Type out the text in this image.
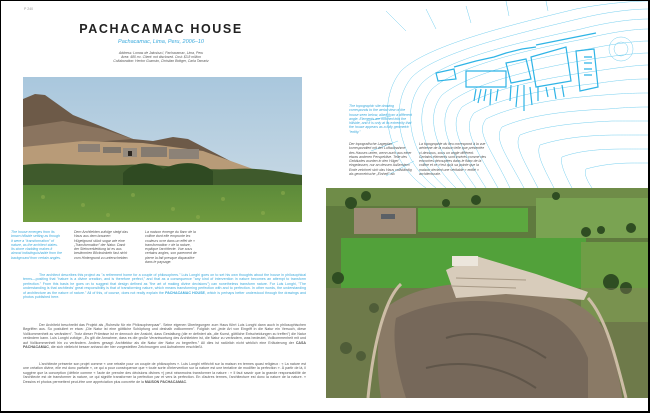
P 240
PACHACAMAC HOUSE
Pachacamac, Lima, Peru, 2006–10
Address: Lomas de Jatosisa I, Pachacamac, Lima, Peru
Area: 480 m². Client: not disclosed. Cost: $3.8 million
Collaboration: Hector Guzmán, Christian Bottger, Carla Tamariz
The house emerges from its brown hillside setting as though it were a "transformation" of nature, as the architect states. Its stone cladding makes it almost indistinguishable from the background from certain angles.
Dem Architekten zufolge steigt das Haus aus dem braunen Hügelgrund stück sogar wie eine „Transformation" der Natur. Dank der Steinverkleidung ist es aus bestimmten Blickwinkeln fast nicht vom Hintergrund zu unterscheiden.
La maison émerge du flanc de la colline dont elle emprunte les couleurs ocre dans un effet de « transformation » de la nature, explique l'architecte. Vue sous certains angles, son parement de pierre la fait presque disparaître dans le paysage.
The architect describes this project as "a retirement home for a couple of philosophers." Luis Longhi goes on to set his own thoughts about the house in philosophical terms—positing that "nature is a divine creation, and is therefore perfect," and that as a consequence "any kind of intervention in nature becomes an attempt to transform perfection." From this basis he goes on to suggest that design defined as "the art of making divine decisions") can nonetheless transform nature. For Luis Longhi, "The understanding is that architects' great responsibility is that of transforming nature, which means transforming perfection with and to perfection. In other words, the understanding of architecture as the nature of nature." All of this, of course, does not really explain the PACHACAMAC HOUSE, which is perhaps better understood through the drawings and photos published here.
Der Architekt beschreibt das Projekt als „Ruhesitz für ein Philosophenpaar". Seine eigenen Überlegungen zum Haus führt Luis Longhi dann auch in philosophischen Begriffen aus. So postuliert er etwa: „Die Natur ist eine göttliche Schöpfung und deshalb vollkommen". Folglich sei „jede Art von Eingriff in die Natur ein Versuch, diese Vollkommenheit zu verändern". Trotz dieser Prämisse ist er dennoch der Ansicht, dass Gestaltung (die er definiert als „die Kunst, göttliche Entscheidungen zu treffen") die Natur verändern kann. Luis Longhi zufolge: „Es gilt die Annahme, dass es die große Verantwortung des Architekten ist, die Natur zu verändern, was bedeutet, Vollkommenheit mit und auf Vollkommenheit hin zu verändern. Anders gesagt: Architektur als die Natur der Natur zu begreifen." All dies ist natürlich nicht wirklich eine Erläuterung der CASA PACHACAMAC, die sich vielleicht besser anhand der hier vorgestellten Zeichnungen und Aufnahmen erschließt.
L'architecte présente son projet comme « une retraite pour un couple de philosophes ». Luis Longhi réfléchit sur la maison en termes quasi religieux : « La nature est une création divine, elle est donc parfaite », ce qui a pour conséquence que « toute sorte d'intervention sur la nature est une tentative de modifier la perfection ». À partir de là, il suggère que la conception (définie comme « l'acte de prendre des décisions divines ») peut néanmoins transformer la nature : « Il faut savoir que la grande responsabilité de l'architecte est de transformer la nature, ce qui signifie transformer la perfection par et vers la perfection. En d'autres termes, l'architecture est donc la nature de la nature. » Dessins et photos permettent peut-être une appréciation plus concrète de la MAISON PACHACAMAC.
The topographic site drawing corresponds to the aerial view of the house seen below, albeit from a different angle. Elements are notched into the hillside, and it is only at its extremity that the house appears as a fully geometric "entity."
Der topografische Lageplan korrespondiert mit der Luftaufnahme des Hauses unten, wenn auch aus einer etwas anderen Perspektive. Teile des Gebäudes wurden in den Hügel eingelassen, nur an dessen äußerstem Ende zeichnet sich das Haus vollständig als geometrische „Einheit" ab.
La topographie du lieu correspond à la vue aérienne de la maison telle que présentée ci-dessous, sous un angle différent. Certains éléments sont insérés comme des encoches découpées dans le flanc de la colline et ce n'est qu'à sa pointe que la maison devient une véritable « entité » architecturale.
